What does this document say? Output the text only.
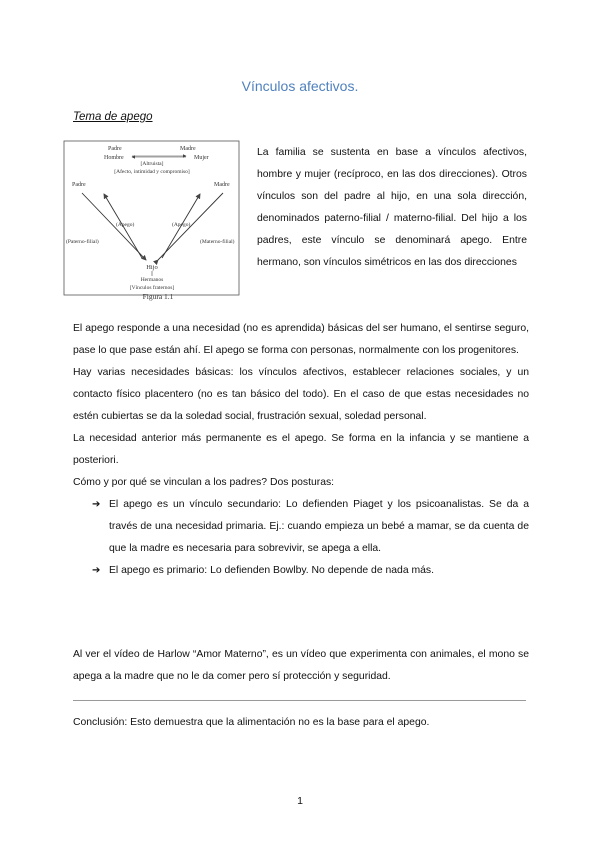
Vínculos afectivos.
Tema de apego
Padre	Madre
Hombre	Mujer
[Altruista]
[Afecto, intimidad y compromiso]
Padre	Madre
(Apego)	(Apego)
(Paterno-filial)	(Materno-filial)
Hijo
Hermanos
[Vínculos fraternos]
Figura 1.1
La familia se sustenta en base a vínculos afectivos, hombre y mujer (recíproco, en las dos direcciones). Otros vínculos son del padre al hijo, en una sola dirección, denominados paterno-filial / materno-filial. Del hijo a los padres, este vínculo se denominará apego. Entre hermano, son vínculos simétricos en las dos direcciones

El apego responde a una necesidad (no es aprendida) básicas del ser humano, el sentirse seguro, pase lo que pase están ahí. El apego se forma con personas, normalmente con los progenitores.

Hay varias necesidades básicas: los vínculos afectivos, establecer relaciones sociales, y un contacto físico placentero (no es tan básico del todo). En el caso de que estas necesidades no estén cubiertas se da la soledad social, frustración sexual, soledad personal.

La necesidad anterior más permanente es el apego. Se forma en la infancia y se mantiene a posteriori.

Cómo y por qué se vinculan a los padres? Dos posturas:

➔ El apego es un vínculo secundario: Lo defienden Piaget y los psicoanalistas. Se da a través de una necesidad primaria. Ej.: cuando empieza un bebé a mamar, se da cuenta de que la madre es necesaria para sobrevivir, se apega a ella.
➔ El apego es primario: Lo defienden Bowlby. No depende de nada más.
Al ver el vídeo de Harlow “Amor Materno”, es un vídeo que experimenta con animales, el mono se apega a la madre que no le da comer pero sí protección y seguridad.
Conclusión: Esto demuestra que la alimentación no es la base para el apego.
1
